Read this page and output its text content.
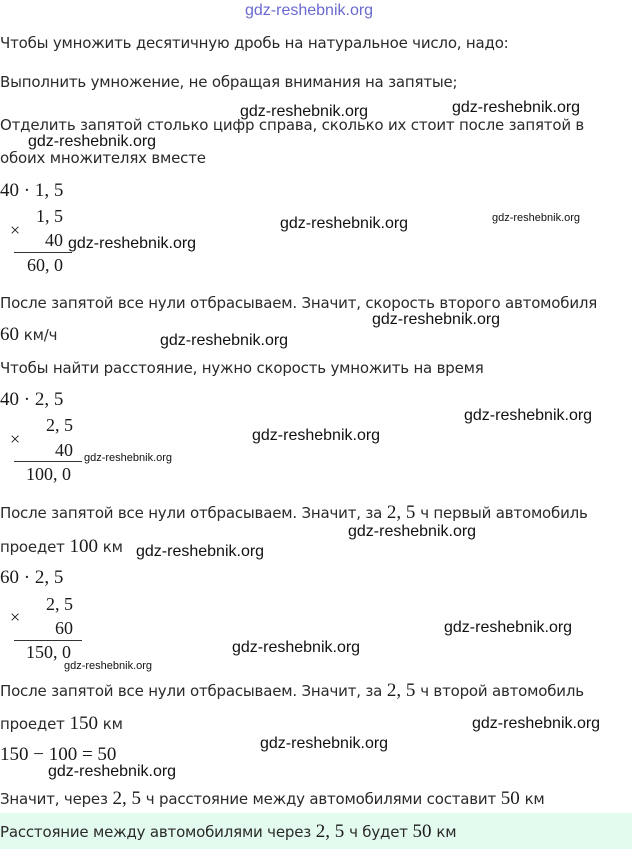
gdz-reshebnik.org
Чтобы умножить десятичную дробь на натуральное число, надо:
Выполнить умножение, не обращая внимания на запятые;
Отделить запятой столько цифр справа, сколько их стоит после запятой в
обоих множителях вместе
40 · 1, 5
1, 5
× 40
60, 0
После запятой все нули отбрасываем. Значит, скорость второго автомобиля
60 км/ч
Чтобы найти расстояние, нужно скорость умножить на время
40 · 2, 5
2, 5
×
40
100, 0
После запятой все нули отбрасываем. Значит, за 2, 5 ч первый автомобиль
проедет 100 км
60 · 2, 5
2, 5
×
60
150, 0
После запятой все нули отбрасываем. Значит, за 2, 5 ч второй автомобиль
проедет 150 км
150 − 100 = 50
Значит, через 2, 5 ч расстояние между автомобилями составит 50 км
Расстояние между автомобилями через 2, 5 ч будет 50 км
gdz-reshebnik.org	gdz-reshebnik.org
gdz-reshebnik.org
gdz-reshebnik.org	gdz-reshebnik.org
gdz-reshebnik.org
gdz-reshebnik.org
gdz-reshebnik.org
gdz-reshebnik.org
gdz-reshebnik.org
gdz-reshebnik.org
gdz-reshebnik.org
gdz-reshebnik.org
gdz-reshebnik.org
gdz-reshebnik.org
gdz-reshebnik.org
gdz-reshebnik.org
gdz-reshebnik.org
gdz-reshebnik.org
